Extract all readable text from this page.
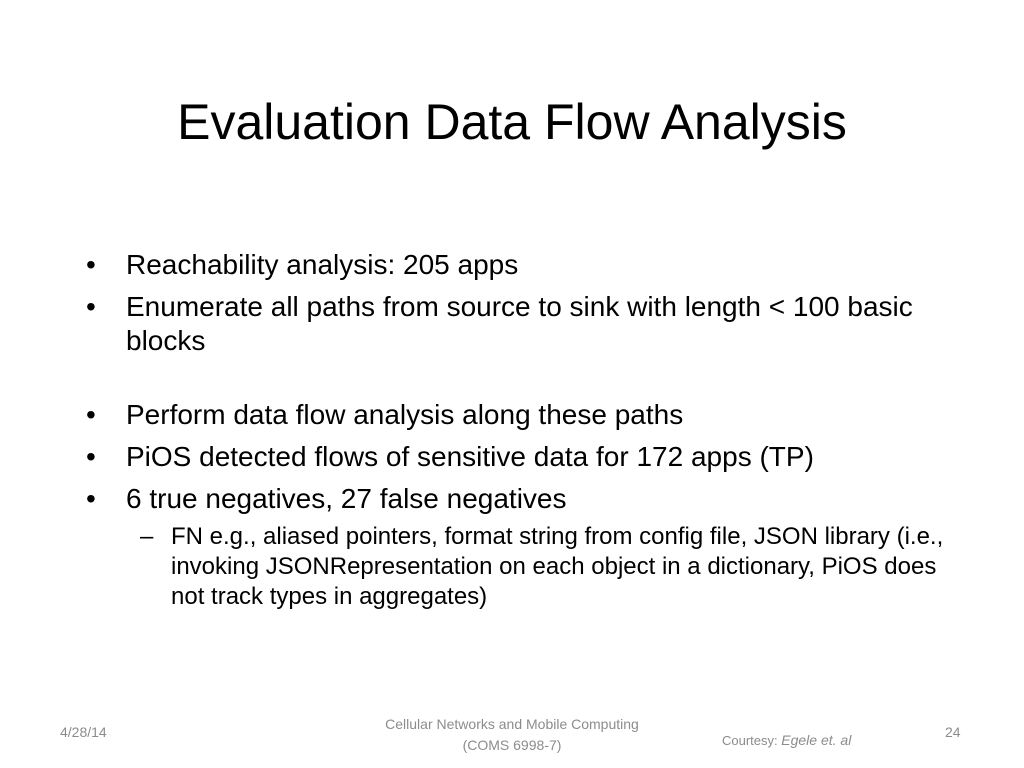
Evaluation Data Flow Analysis
• Reachability analysis: 205 apps
• Enumerate all paths from source to sink with length < 100 basic blocks
• Perform data flow analysis along these paths
• PiOS detected flows of sensitive data for 172 apps (TP)
• 6 true negatives, 27 false negatives
– FN e.g., aliased pointers, format string from config file, JSON library (i.e., invoking JSONRepresentation on each object in a dictionary, PiOS does not track types in aggregates)
4/28/14	Cellular Networks and Mobile Computing
(COMS 6998-7)	Courtesy: Egele et. al	24
